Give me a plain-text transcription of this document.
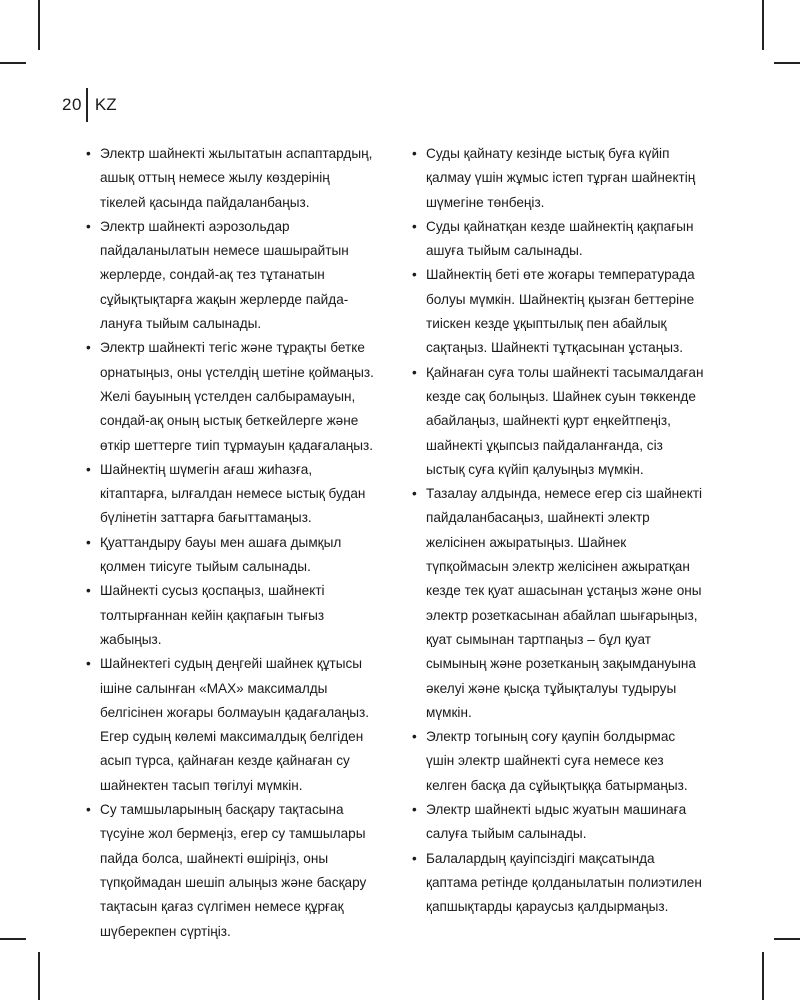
20 KZ
• Электр шайнекті жылытатын аспаптардың, ашық оттың немесе жылу көздерінің тікелей қасында пайдаланбаңыз.
• Электр шайнекті аэрозольдар пайдаланылатын немесе шашырайтын жерлерде, сондай-ақ тез тұтанатын сұйықтықтарға жақын жерлерде пайдалануға тыйым салынады.
• Электр шайнекті тегіс және тұрақты бетке орнатыңыз, оны үстелдің шетіне қоймаңыз. Желі бауының үстелден салбырамауын, сондай-ақ оның ыстық беткейлерге және өткір шеттерге тиіп тұрмауын қадағалаңыз.
• Шайнектің шүмегін ағаш жиһазға, кітаптарға, ылғалдан немесе ыстық будан бүлінетін заттарға бағыттамаңыз.
• Қуаттандыру бауы мен ашаға дымқыл қолмен тиісуге тыйым салынады.
• Шайнекті сусыз қоспаңыз, шайнекті толтырғаннан кейін қақпағын тығыз жабыңыз.
• Шайнектегі судың деңгейі шайнек құтысы ішіне салынған «MAX» максималды белгісінен жоғары болмауын қадағалаңыз. Егер судың көлемі максималдық белгіден асып түрса, қайнаған кезде қайнаған су шайнектен тасып төгілуі мүмкін.
• Су тамшыларының басқару тақтасына түсуіне жол бермеңіз, егер су тамшылары пайда болса, шайнекті өшіріңіз, оны түпқоймадан шешіп алыңыз және басқару тақтасын қағаз сүлгімен немесе құрғақ шүберекпен сүртіңіз.
• Суды қайнату кезінде ыстық буға күйіп қалмау үшін жұмыс істеп тұрған шайнектің шүмегіне төнбеңіз.
• Суды қайнатқан кезде шайнектің қақпағын ашуға тыйым салынады.
• Шайнектің беті өте жоғары температурада болуы мүмкін. Шайнектің қызған беттеріне тиіскен кезде ұқыптылық пен абайлық сақтаңыз. Шайнекті тұтқасынан ұстаңыз.
• Қайнаған суға толы шайнекті тасымалдаған кезде сақ болыңыз. Шайнек суын төккенде абайлаңыз, шайнекті қурт еңкейтпеңіз, шайнекті ұқыпсыз пайдаланғанда, сіз ыстық суға күйіп қалуыңыз мүмкін.
• Тазалау алдында, немесе егер сіз шайнекті пайдаланбасаңыз, шайнекті электр желісінен ажыратыңыз. Шайнек түпқоймасын электр желісінен ажыратқан кезде тек қуат ашасынан ұстаңыз және оны электр розеткасынан абайлап шығарыңыз, қуат сымынан тартпаңыз – бұл қуат сымының және розетканың зақымдануына әкелуі және қысқа тұйықталуы тудыруы мүмкін.
• Электр тогының соғу қаупін болдырмас үшін электр шайнекті суға немесе кез келген басқа да сұйықтыққа батырмаңыз.
• Электр шайнекті ыдыс жуатын машинаға салуға тыйым салынады.
• Балалардың қауіпсіздігі мақсатында қаптама ретінде қолданылатын полиэтилен қапшықтарды қараусыз қалдырмаңыз.
